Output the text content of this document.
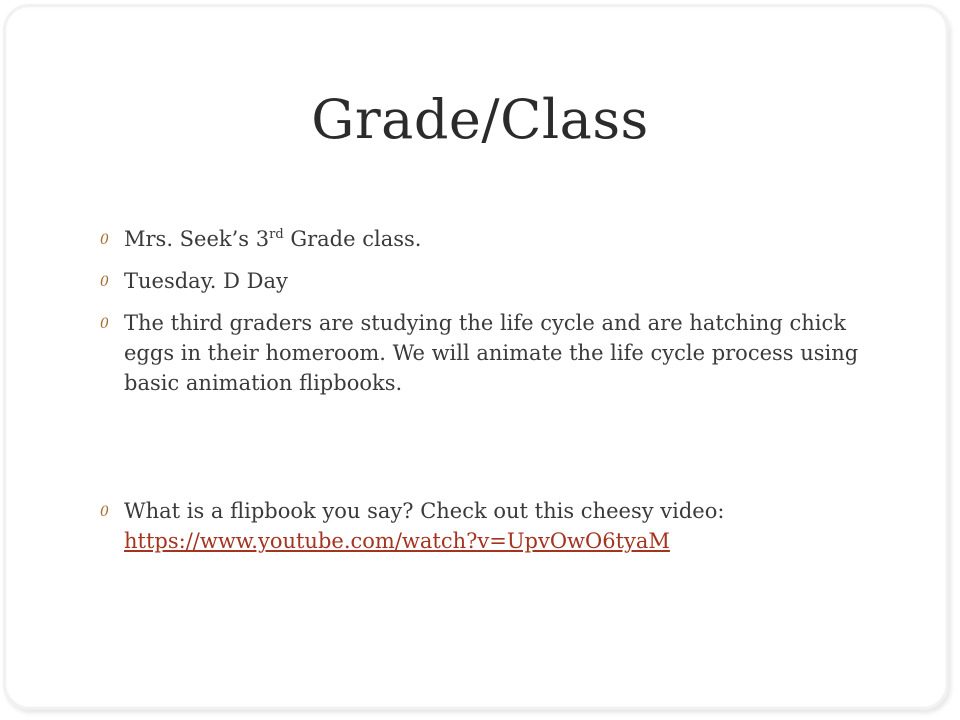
Grade/Class
0 Mrs. Seek’s 3rd Grade class.
0 Tuesday. D Day
0 The third graders are studying the life cycle and are hatching chick eggs in their homeroom. We will animate the life cycle process using basic animation flipbooks.
0 What is a flipbook you say? Check out this cheesy video: https://www.youtube.com/watch?v=UpvOwO6tyaM
